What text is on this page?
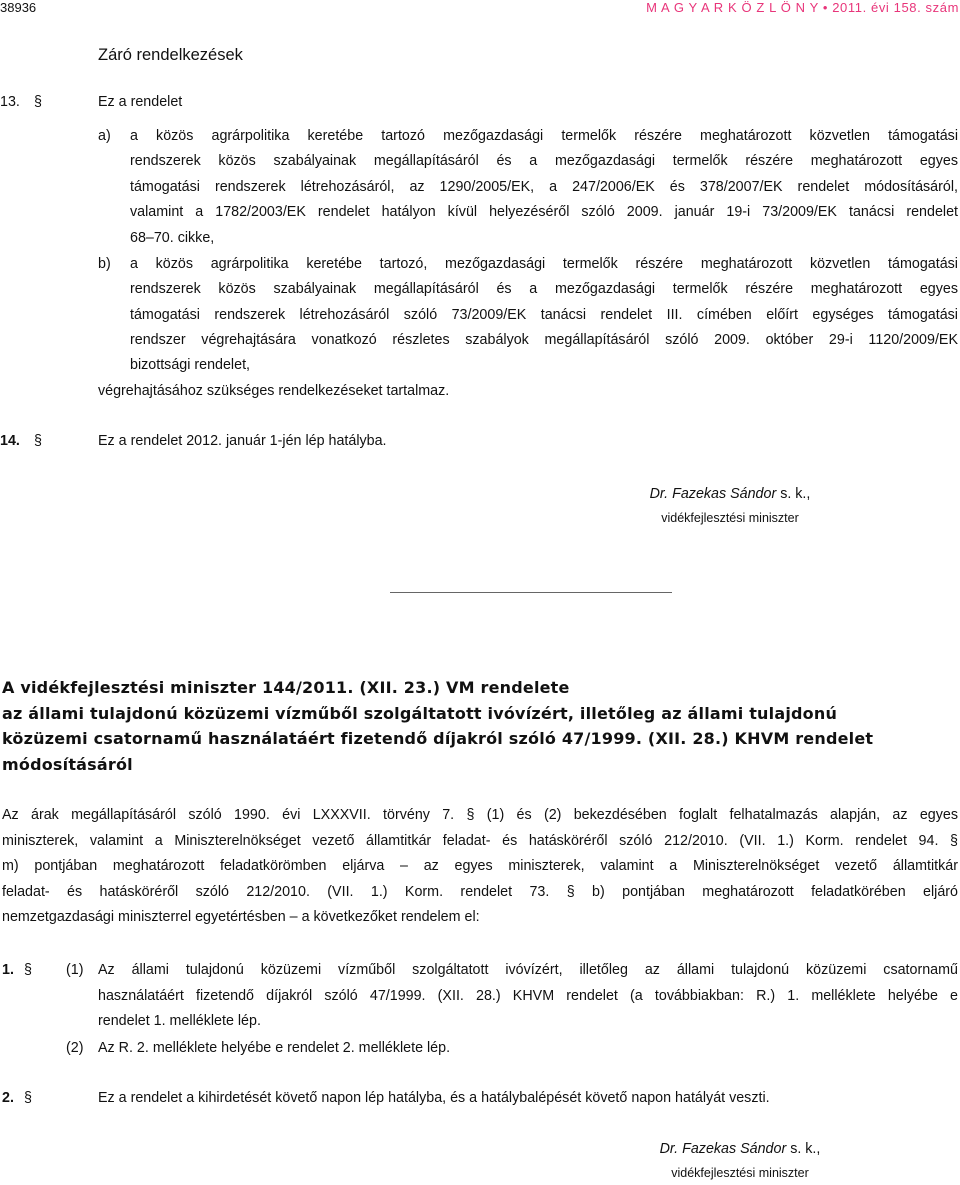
38936	M A G Y A R K Ö Z L Ö N Y • 2011. évi 158. szám
Záró rendelkezések
13. §	Ez a rendelet
a) a közös agrárpolitika keretébe tartozó mezőgazdasági termelők részére meghatározott közvetlen támogatási
rendszerek közös szabályainak megállapításáról és a mezőgazdasági termelők részére meghatározott egyes
támogatási rendszerek létrehozásáról, az 1290/2005/EK, a 247/2006/EK és 378/2007/EK rendelet módosításáról,
valamint a 1782/2003/EK rendelet hatályon kívül helyezéséről szóló 2009. január 19-i 73/2009/EK tanácsi rendelet
68–70. cikke,
b) a közös agrárpolitika keretébe tartozó, mezőgazdasági termelők részére meghatározott közvetlen támogatási
rendszerek közös szabályainak megállapításáról és a mezőgazdasági termelők részére meghatározott egyes
támogatási rendszerek létrehozásáról szóló 73/2009/EK tanácsi rendelet III. címében előírt egységes támogatási
rendszer végrehajtására vonatkozó részletes szabályok megállapításáról szóló 2009. október 29-i 1120/2009/EK
bizottsági rendelet,
végrehajtásához szükséges rendelkezéseket tartalmaz.
14. §	Ez a rendelet 2012. január 1-jén lép hatályba.
Dr. Fazekas Sándor s. k.,
vidékfejlesztési miniszter
A vidékfejlesztési miniszter 144/2011. (XII. 23.) VM rendelete
az állami tulajdonú közüzemi vízműből szolgáltatott ivóvízért, illetőleg az állami tulajdonú
közüzemi csatornamű használatáért fizetendő díjakról szóló 47/1999. (XII. 28.) KHVM rendelet
módosításáról
Az árak megállapításáról szóló 1990. évi LXXXVII. törvény 7. § (1) és (2) bekezdésében foglalt felhatalmazás alapján, az egyes
miniszterek, valamint a Miniszterelnökséget vezető államtitkár feladat- és hatásköréről szóló 212/2010. (VII. 1.) Korm. rendelet 94. §
m) pontjában meghatározott feladatkörömben eljárva – az egyes miniszterek, valamint a Miniszterelnökséget vezető államtitkár
feladat- és hatásköréről szóló 212/2010. (VII. 1.) Korm. rendelet 73. § b) pontjában meghatározott feladatkörében eljáró
nemzetgazdasági miniszterrel egyetértésben – a következőket rendelem el:
1. § (1) Az állami tulajdonú közüzemi vízműből szolgáltatott ivóvízért, illetőleg az állami tulajdonú közüzemi csatornamű
használatáért fizetendő díjakról szóló 47/1999. (XII. 28.) KHVM rendelet (a továbbiakban: R.) 1. melléklete helyébe e
rendelet 1. melléklete lép.
(2) Az R. 2. melléklete helyébe e rendelet 2. melléklete lép.
2. §	Ez a rendelet a kihirdetését követő napon lép hatályba, és a hatálybalépését követő napon hatályát veszti.
Dr. Fazekas Sándor s. k.,
vidékfejlesztési miniszter
